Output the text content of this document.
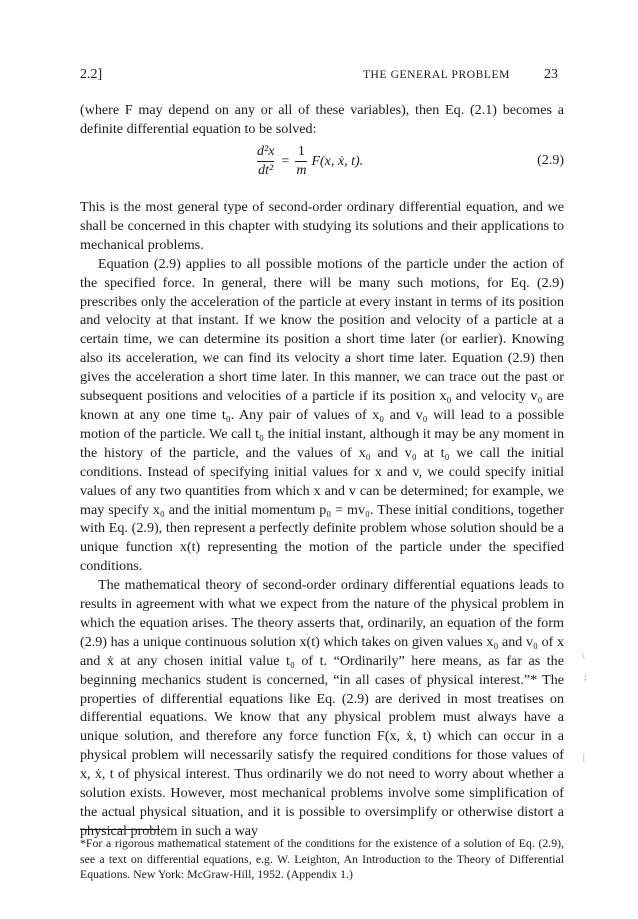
2.2]	THE GENERAL PROBLEM 23

(where F may depend on any or all of these variables), then Eq. (2.1) becomes a definite differential equation to be solved:

$\frac{\text{d²x}}{\text{dt²}} = \frac{1}{m} F(x$, ẋ, t).	(2.9)

This is the most general type of second-order ordinary differential equation, and we shall be concerned in this chapter with studying its solutions and their applications to mechanical problems.

Equation (2.9) applies to all possible motions of the particle under the action of the specified force. In general, there will be many such motions, for Eq. (2.9) prescribes only the acceleration of the particle at every instant in terms of its position and velocity at that instant. If we know the position and velocity of a particle at a certain time, we can determine its position a short time later (or earlier). Knowing also its acceleration, we can find its velocity a short time later. Equation (2.9) then gives the acceleration a short time later. In this manner, we can trace out the past or subsequent positions and velocities of a particle if its position x₀ and velocity v₀ are known at any one time t₀. Any pair of values of x₀ and v₀ will lead to a possible motion of the particle. We call t₀ the initial instant, although it may be any moment in the history of the particle, and the values of x₀ and v₀ at t₀ we call the initial conditions. Instead of specifying initial values for x and v, we could specify initial values of any two quantities from which x and v can be determined; for example, we may specify x₀ and the initial momentum p₀ = mv₀. These initial conditions, together with Eq. (2.9), then represent a perfectly definite problem whose solution should be a unique function x(t) representing the motion of the particle under the specified conditions.

The mathematical theory of second-order ordinary differential equations leads to results in agreement with what we expect from the nature of the physical problem in which the equation arises. The theory asserts that, ordinarily, an equation of the form (2.9) has a unique continuous solution x(t) which takes on given values x₀ and v₀ of x and ẋ at any chosen initial value t₀ of t. “Ordinarily” here means, as far as the beginning mechanics student is concerned, “in all cases of physical interest.”* The properties of differential equations like Eq. (2.9) are derived in most treatises on differential equations. We know that any physical problem must always have a unique solution, and therefore any force function F(x, ẋ, t) which can occur in a physical problem will necessarily satisfy the required conditions for those values of x, ẋ, t of physical interest. Thus ordinarily we do not need to worry about whether a solution exists. However, most mechanical problems involve some simplification of the actual physical situation, and it is possible to oversimplify or otherwise distort a physical problem in such a way

*For a rigorous mathematical statement of the conditions for the existence of a solution of Eq. (2.9), see a text on differential equations, e.g. W. Leighton, An Introduction to the Theory of Differential Equations. New York: McGraw-Hill, 1952. (Appendix 1.)

\
;
|
